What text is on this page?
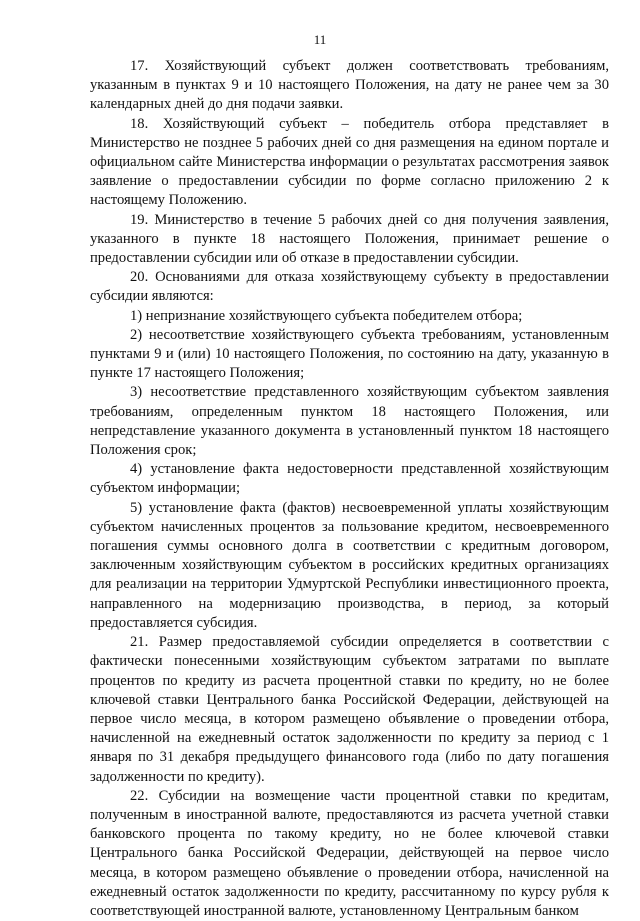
11

17. Хозяйствующий субъект должен соответствовать требованиям, указанным в пунктах 9 и 10 настоящего Положения, на дату не ранее чем за 30 календарных дней до дня подачи заявки.

18. Хозяйствующий субъект – победитель отбора представляет в Министерство не позднее 5 рабочих дней со дня размещения на едином портале и официальном сайте Министерства информации о результатах рассмотрения заявок заявление о предоставлении субсидии по форме согласно приложению 2 к настоящему Положению.

19. Министерство в течение 5 рабочих дней со дня получения заявления, указанного в пункте 18 настоящего Положения, принимает решение о предоставлении субсидии или об отказе в предоставлении субсидии.

20. Основаниями для отказа хозяйствующему субъекту в предоставлении субсидии являются:

1) непризнание хозяйствующего субъекта победителем отбора;

2) несоответствие хозяйствующего субъекта требованиям, установленным пунктами 9 и (или) 10 настоящего Положения, по состоянию на дату, указанную в пункте 17 настоящего Положения;

3) несоответствие представленного хозяйствующим субъектом заявления требованиям, определенным пунктом 18 настоящего Положения, или непредставление указанного документа в установленный пунктом 18 настоящего Положения срок;

4) установление факта недостоверности представленной хозяйствующим субъектом информации;

5) установление факта (фактов) несвоевременной уплаты хозяйствующим субъектом начисленных процентов за пользование кредитом, несвоевременного погашения суммы основного долга в соответствии с кредитным договором, заключенным хозяйствующим субъектом в российских кредитных организациях для реализации на территории Удмуртской Республики инвестиционного проекта, направленного на модернизацию производства, в период, за который предоставляется субсидия.

21. Размер предоставляемой субсидии определяется в соответствии с фактически понесенными хозяйствующим субъектом затратами по выплате процентов по кредиту из расчета процентной ставки по кредиту, но не более ключевой ставки Центрального банка Российской Федерации, действующей на первое число месяца, в котором размещено объявление о проведении отбора, начисленной на ежедневный остаток задолженности по кредиту за период с 1 января по 31 декабря предыдущего финансового года (либо по дату погашения задолженности по кредиту).

22. Субсидии на возмещение части процентной ставки по кредитам, полученным в иностранной валюте, предоставляются из расчета учетной ставки банковского процента по такому кредиту, но не более ключевой ставки Центрального банка Российской Федерации, действующей на первое число месяца, в котором размещено объявление о проведении отбора, начисленной на ежедневный остаток задолженности по кредиту, рассчитанному по курсу рубля к соответствующей иностранной валюте, установленному Центральным банком
